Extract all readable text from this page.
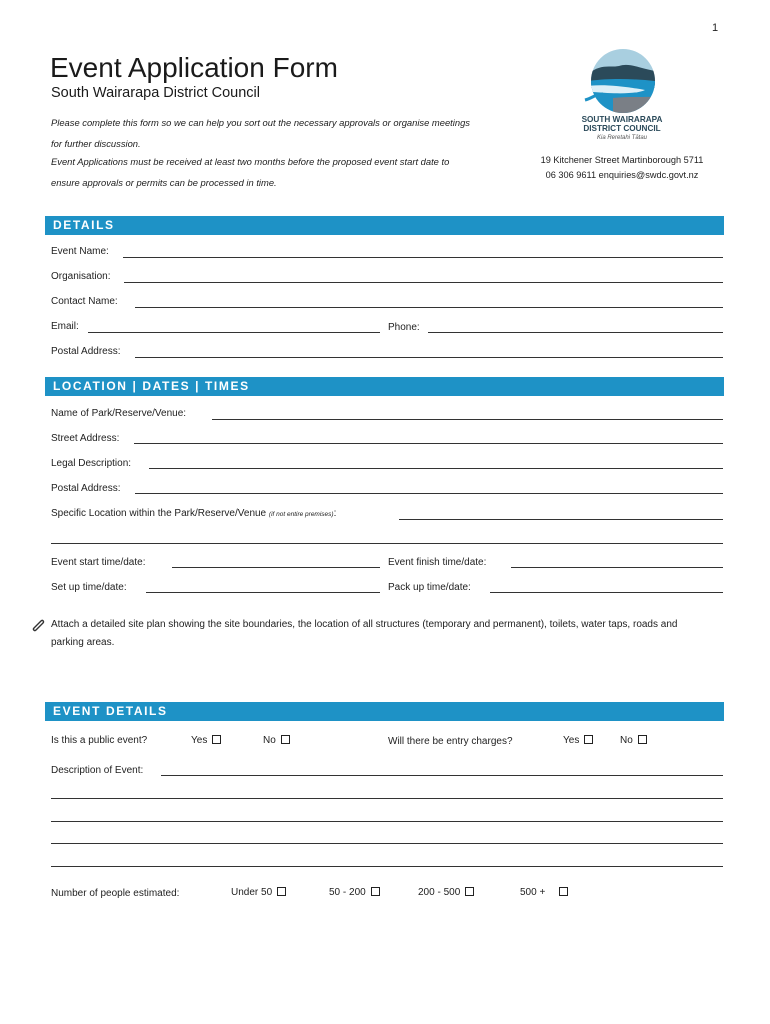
1
Event Application Form
South Wairarapa District Council
Please complete this form so we can help you sort out the necessary approvals or organise meetings for further discussion.
Event Applications must be received at least two months before the proposed event start date to ensure approvals or permits can be processed in time.
SOUTH WAIRARAPA
DISTRICT COUNCIL
Kia Reretahi Tātau
19 Kitchener Street Martinborough 5711
06 306 9611 enquiries@swdc.govt.nz
DETAILS
Event Name:
Organisation:
Contact Name:
Email:	Phone:
Postal Address:
LOCATION | DATES | TIMES
Name of Park/Reserve/Venue:
Street Address:
Legal Description:
Postal Address:
Specific Location within the Park/Reserve/Venue (if not entire premises):
Event start time/date:	Event finish time/date:
Set up time/date:	Pack up time/date:
Attach a detailed site plan showing the site boundaries, the location of all structures (temporary and permanent), toilets, water taps, roads and parking areas.
EVENT DETAILS
Is this a public event?	Yes	No	Will there be entry charges?	Yes	No
Description of Event:
Number of people estimated:	Under 50	50 - 200	200 - 500	500 +
